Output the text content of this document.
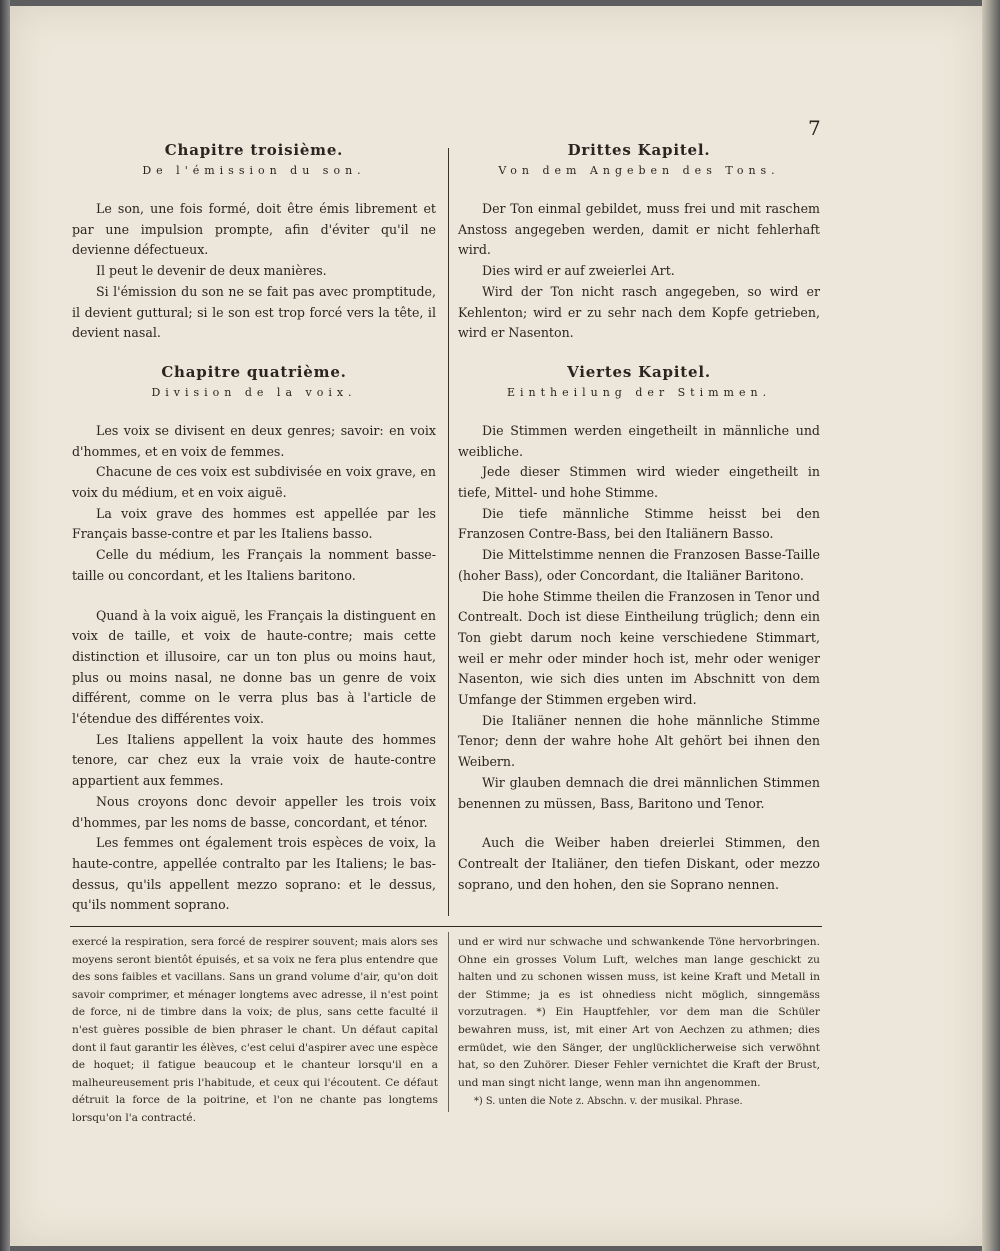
7
Chapitre troisième.
De l'émission du son.

Le son, une fois formé, doit être émis librement et par une impulsion prompte, afin d'éviter qu'il ne devienne défectueux.

Il peut le devenir de deux manières.

Si l'émission du son ne se fait pas avec promptitude, il devient guttural; si le son est trop forcé vers la tête, il devient nasal.

Chapitre quatrième.
Division de la voix.

Les voix se divisent en deux genres; savoir: en voix d'hommes, et en voix de femmes.

Chacune de ces voix est subdivisée en voix grave, en voix du médium, et en voix aiguë.

La voix grave des hommes est appellée par les Français basse-contre et par les Italiens basso.

Celle du médium, les Français la nomment basse-taille ou concordant, et les Italiens baritono.

Quand à la voix aiguë, les Français la distinguent en voix de taille, et voix de haute-contre; mais cette distinction et illusoire, car un ton plus ou moins haut, plus ou moins nasal, ne donne bas un genre de voix différent, comme on le verra plus bas à l'article de l'étendue des différentes voix.

Les Italiens appellent la voix haute des hommes tenore, car chez eux la vraie voix de haute-contre appartient aux femmes.

Nous croyons donc devoir appeller les trois voix d'hommes, par les noms de basse, concordant, et ténor.

Les femmes ont également trois espèces de voix, la haute-contre, appellée contralto par les Italiens; le bas-dessus, qu'ils appellent mezzo soprano: et le dessus, qu'ils nomment soprano.

Drittes Kapitel.
Von dem Angeben des Tons.

Der Ton einmal gebildet, muss frei und mit raschem Anstoss angegeben werden, damit er nicht fehlerhaft wird.

Dies wird er auf zweierlei Art.

Wird der Ton nicht rasch angegeben, so wird er Kehlenton; wird er zu sehr nach dem Kopfe getrieben, wird er Nasenton.

Viertes Kapitel.
Eintheilung der Stimmen.

Die Stimmen werden eingetheilt in männliche und weibliche.

Jede dieser Stimmen wird wieder eingetheilt in tiefe, Mittel- und hohe Stimme.

Die tiefe männliche Stimme heisst bei den Franzosen Contre-Bass, bei den Italiänern Basso.

Die Mittelstimme nennen die Franzosen Basse-Taille (hoher Bass), oder Concordant, die Italiäner Baritono.

Die hohe Stimme theilen die Franzosen in Tenor und Contrealt. Doch ist diese Eintheilung trüglich; denn ein Ton giebt darum noch keine verschiedene Stimmart, weil er mehr oder minder hoch ist, mehr oder weniger Nasenton, wie sich dies unten im Abschnitt von dem Umfange der Stimmen ergeben wird.

Die Italiäner nennen die hohe männliche Stimme Tenor; denn der wahre hohe Alt gehört bei ihnen den Weibern.

Wir glauben demnach die drei männlichen Stimmen benennen zu müssen, Bass, Baritono und Tenor.

Auch die Weiber haben dreierlei Stimmen, den Contrealt der Italiäner, den tiefen Diskant, oder mezzo soprano, und den hohen, den sie Soprano nennen.

exercé la respiration, sera forcé de respirer souvent; mais alors ses moyens seront bientôt épuisés, et sa voix ne fera plus entendre que des sons faibles et vacillans. Sans un grand volume d'air, qu'on doit savoir comprimer, et ménager longtems avec adresse, il n'est point de force, ni de timbre dans la voix; de plus, sans cette faculté il n'est guères possible de bien phraser le chant. Un défaut capital dont il faut garantir les élèves, c'est celui d'aspirer avec une espèce de hoquet; il fatigue beaucoup et le chanteur lorsqu'il en a malheureusement pris l'habitude, et ceux qui l'écoutent. Ce défaut détruit la force de la poitrine, et l'on ne chante pas longtems lorsqu'on l'a contracté.

und er wird nur schwache und schwankende Töne hervorbringen. Ohne ein grosses Volum Luft, welches man lange geschickt zu halten und zu schonen wissen muss, ist keine Kraft und Metall in der Stimme; ja es ist ohnediess nicht möglich, sinngemäss vorzutragen. *) Ein Hauptfehler, vor dem man die Schüler bewahren muss, ist, mit einer Art von Aechzen zu athmen; dies ermüdet, wie den Sänger, der unglücklicherweise sich verwöhnt hat, so den Zuhörer. Dieser Fehler vernichtet die Kraft der Brust, und man singt nicht lange, wenn man ihn angenommen.

*) S. unten die Note z. Abschn. v. der musikal. Phrase.
